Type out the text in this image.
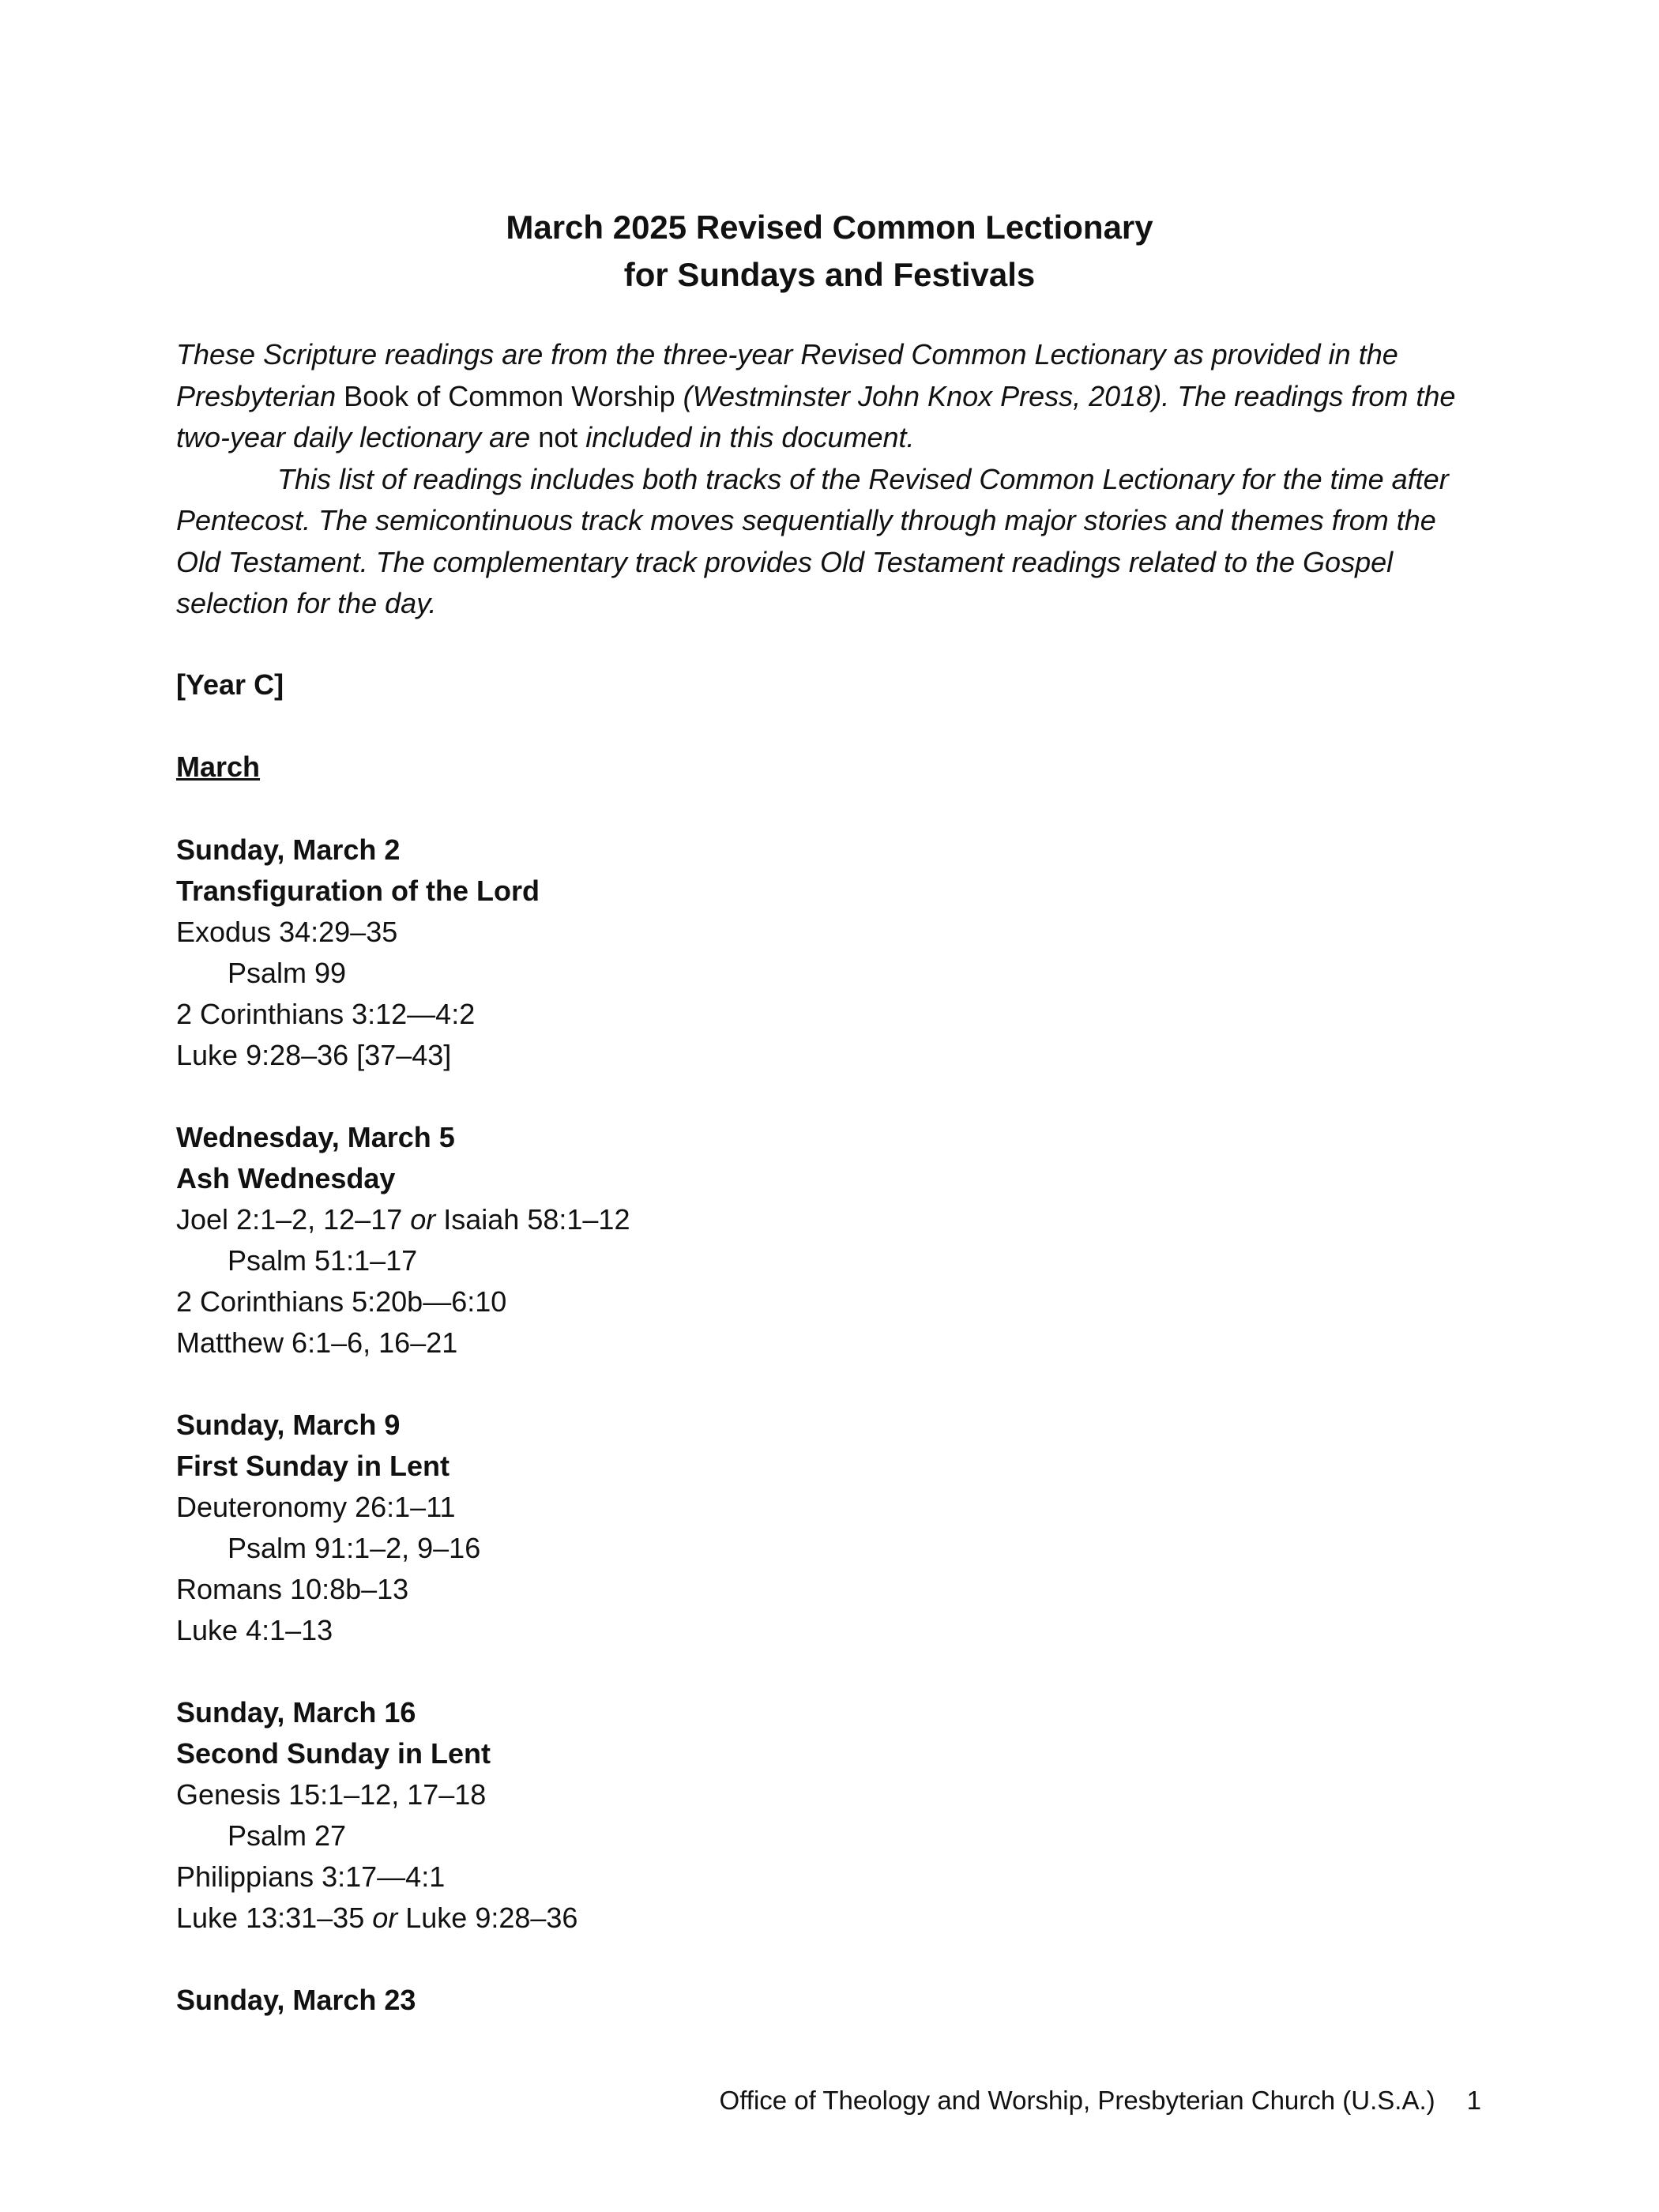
March 2025 Revised Common Lectionary
for Sundays and Festivals

These Scripture readings are from the three-year Revised Common Lectionary as provided in the Presbyterian Book of Common Worship (Westminster John Knox Press, 2018). The readings from the two-year daily lectionary are not included in this document.

This list of readings includes both tracks of the Revised Common Lectionary for the time after Pentecost. The semicontinuous track moves sequentially through major stories and themes from the Old Testament. The complementary track provides Old Testament readings related to the Gospel selection for the day.

[Year C]
March
Sunday, March 2
Transfiguration of the Lord
Exodus 34:29–35
Psalm 99
2 Corinthians 3:12—4:2
Luke 9:28–36 [37–43]
Wednesday, March 5
Ash Wednesday
Joel 2:1–2, 12–17 or Isaiah 58:1–12
Psalm 51:1–17
2 Corinthians 5:20b—6:10
Matthew 6:1–6, 16–21
Sunday, March 9
First Sunday in Lent
Deuteronomy 26:1–11
Psalm 91:1–2, 9–16
Romans 10:8b–13
Luke 4:1–13
Sunday, March 16
Second Sunday in Lent
Genesis 15:1–12, 17–18
Psalm 27
Philippians 3:17—4:1
Luke 13:31–35 or Luke 9:28–36
Sunday, March 23
Office of Theology and Worship, Presbyterian Church (U.S.A.) 1
